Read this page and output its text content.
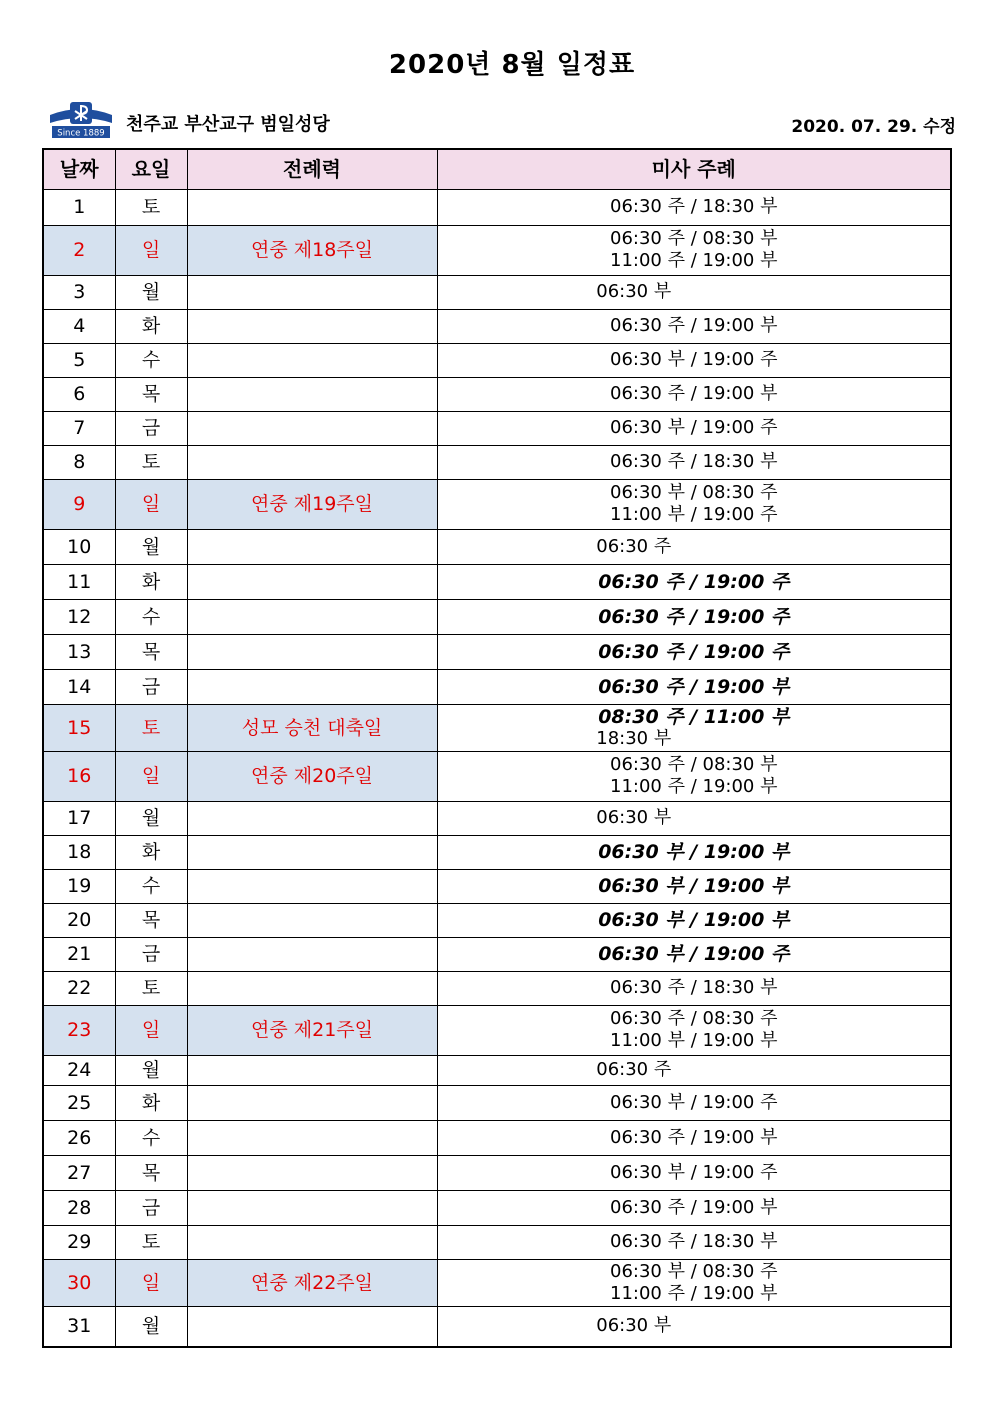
2020년 8월 일정표
Since 1889 천주교 부산교구 범일성당	2020. 07. 29. 수정
날짜	요일	전례력	미사 주례
1	토		06:30 주 / 18:30 부

2	일	연중 제18주일	06:30 주 / 08:30 부
11:00 주 / 19:00 부

3	월		06:30 부

4	화		06:30 주 / 19:00 부

5	수		06:30 부 / 19:00 주

6	목		06:30 주 / 19:00 부

7	금		06:30 부 / 19:00 주

8	토		06:30 주 / 18:30 부

9	일	연중 제19주일	06:30 부 / 08:30 주
11:00 부 / 19:00 주

10	월		06:30 주

11	화		06:30 주 / 19:00 주

12	수		06:30 주 / 19:00 주

13	목		06:30 주 / 19:00 주

14	금		06:30 주 / 19:00 부

15	토	성모 승천 대축일	08:30 주 / 11:00 부
18:30 부

16	일	연중 제20주일	06:30 주 / 08:30 부
11:00 주 / 19:00 부

17	월		06:30 부

18	화		06:30 부 / 19:00 부

19	수		06:30 부 / 19:00 부

20	목		06:30 부 / 19:00 부

21	금		06:30 부 / 19:00 주

22	토		06:30 주 / 18:30 부

23	일	연중 제21주일	06:30 주 / 08:30 주
11:00 부 / 19:00 부

24	월		06:30 주

25	화		06:30 부 / 19:00 주

26	수		06:30 주 / 19:00 부

27	목		06:30 부 / 19:00 주

28	금		06:30 주 / 19:00 부

29	토		06:30 주 / 18:30 부

30	일	연중 제22주일	06:30 부 / 08:30 주
11:00 주 / 19:00 부

31	월		06:30 부
